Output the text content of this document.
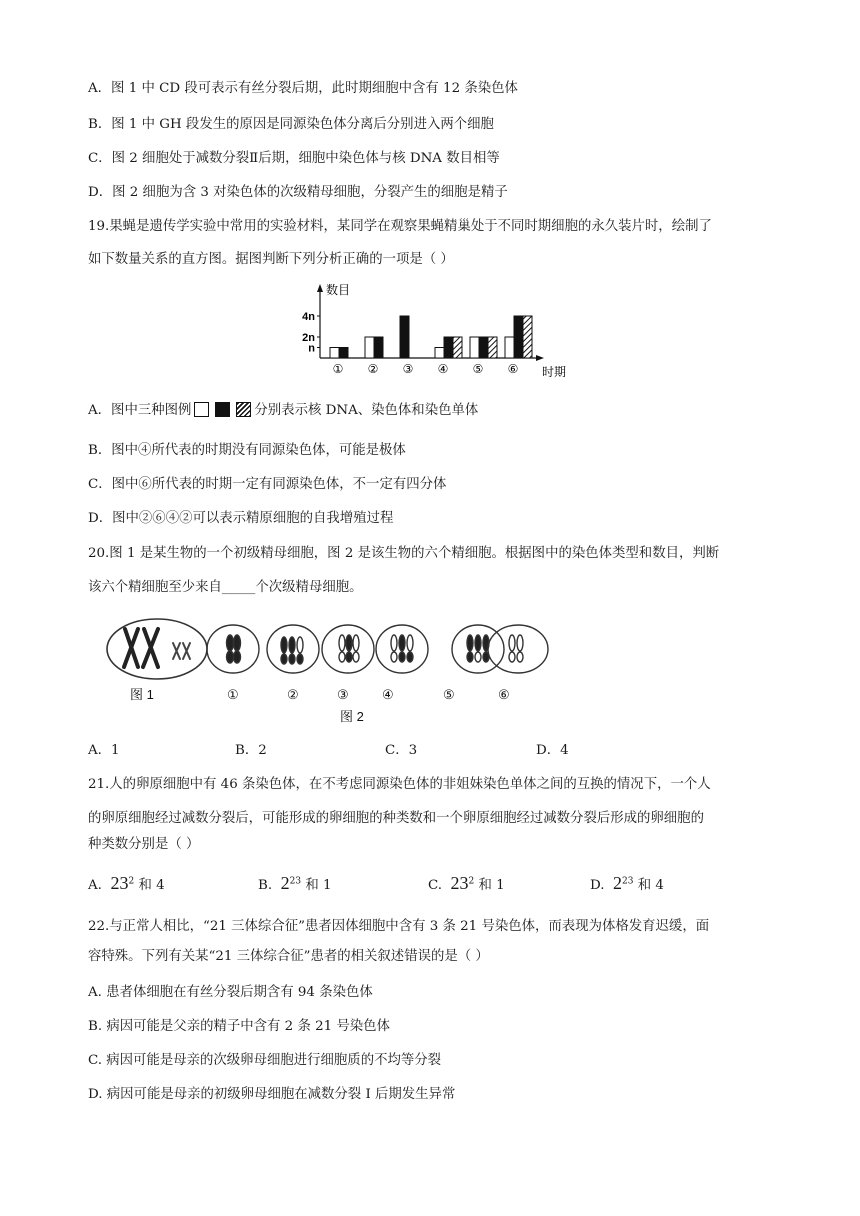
A．图 1 中 CD 段可表示有丝分裂后期，此时期细胞中含有 12 条染色体
B．图 1 中 GH 段发生的原因是同源染色体分离后分别进入两个细胞
C．图 2 细胞处于减数分裂Ⅱ后期，细胞中染色体与核 DNA 数目相等
D．图 2 细胞为含 3 对染色体的次级精母细胞，分裂产生的细胞是精子
19.果蝇是遗传学实验中常用的实验材料，某同学在观察果蝇精巢处于不同时期细胞的永久装片时，绘制了
如下数量关系的直方图。据图判断下列分析正确的一项是（ ）
4n
2n
n
数目
时期
① ② ③ ④ ⑤ ⑥
A．图中三种图例	分别表示核 DNA、染色体和染色单体
B．图中④所代表的时期没有同源染色体，可能是极体
C．图中⑥所代表的时期一定有同源染色体，不一定有四分体
D．图中②⑥④②可以表示精原细胞的自我增殖过程
20.图 1 是某生物的一个初级精母细胞，图 2 是该生物的六个精细胞。根据图中的染色体类型和数目，判断
该六个精细胞至少来自_____个次级精母细胞。
图 1	①	②	③	④	⑤	⑥
图 2
A．1	B．2	C．3	D．4
21.人的卵原细胞中有 46 条染色体，在不考虑同源染色体的非姐妹染色单体之间的互换的情况下，一个人
的卵原细胞经过减数分裂后，可能形成的卵细胞的种类数和一个卵原细胞经过减数分裂后形成的卵细胞的
种类数分别是（ ）
A. $23^2$ 和 4	B. $2^{23}$ 和 1	C. $23^2$ 和 1	D. $2^{23}$ 和 4
22.与正常人相比，“21 三体综合征”患者因体细胞中含有 3 条 21 号染色体，而表现为体格发育迟缓，面
容特殊。下列有关某“21 三体综合征”患者的相关叙述错误的是（ ）
A. 患者体细胞在有丝分裂后期含有 94 条染色体
B. 病因可能是父亲的精子中含有 2 条 21 号染色体
C. 病因可能是母亲的次级卵母细胞进行细胞质的不均等分裂
D. 病因可能是母亲的初级卵母细胞在减数分裂 I 后期发生异常
